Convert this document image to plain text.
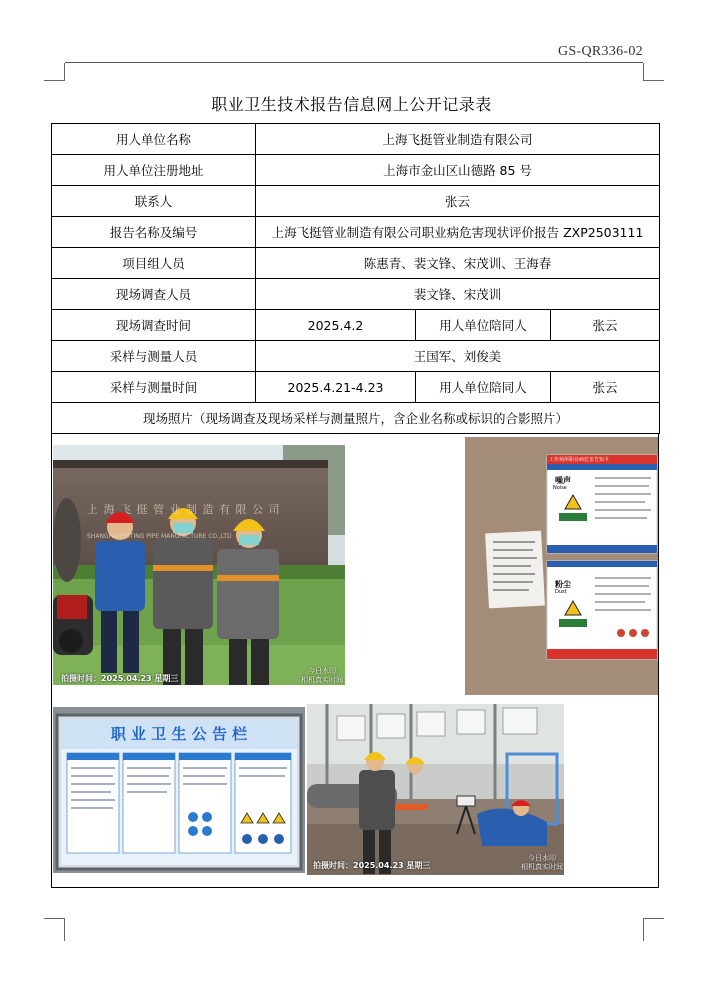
GS-QR336-02
职业卫生技术报告信息网上公开记录表
用人单位名称	上海飞挺管业制造有限公司		
用人单位注册地址	上海市金山区山德路 85 号		
联系人	张云		
报告名称及编号	上海飞挺管业制造有限公司职业病危害现状评价报告 ZXP2503111		
项目组人员	陈惠青、裴文锋、宋茂训、王海春		
现场调查人员	裴文锋、宋茂训		
现场调查时间	2025.4.2	用人单位陪同人	张云
采样与测量人员	王国军、刘俊美		
采样与测量时间	2025.4.21-4.23	用人单位陪同人	张云
现场照片（现场调查及现场采样与测量照片，含企业名称或标识的合影照片）			
上 海 飞 挺 管 业 制 造 有 限 公 司
SHANGHAI FEITING PIPE MANUFACTURE CO.,LTD
拍摄时间：2025.04.23 星期三
今日水印
相机真实时间
工作场所职业病危害告知卡
噪声
Noise
粉尘
Dust
职 业 卫 生 公 告 栏
拍摄时间：2025.04.23 星期三
今日水印
相机真实时间
